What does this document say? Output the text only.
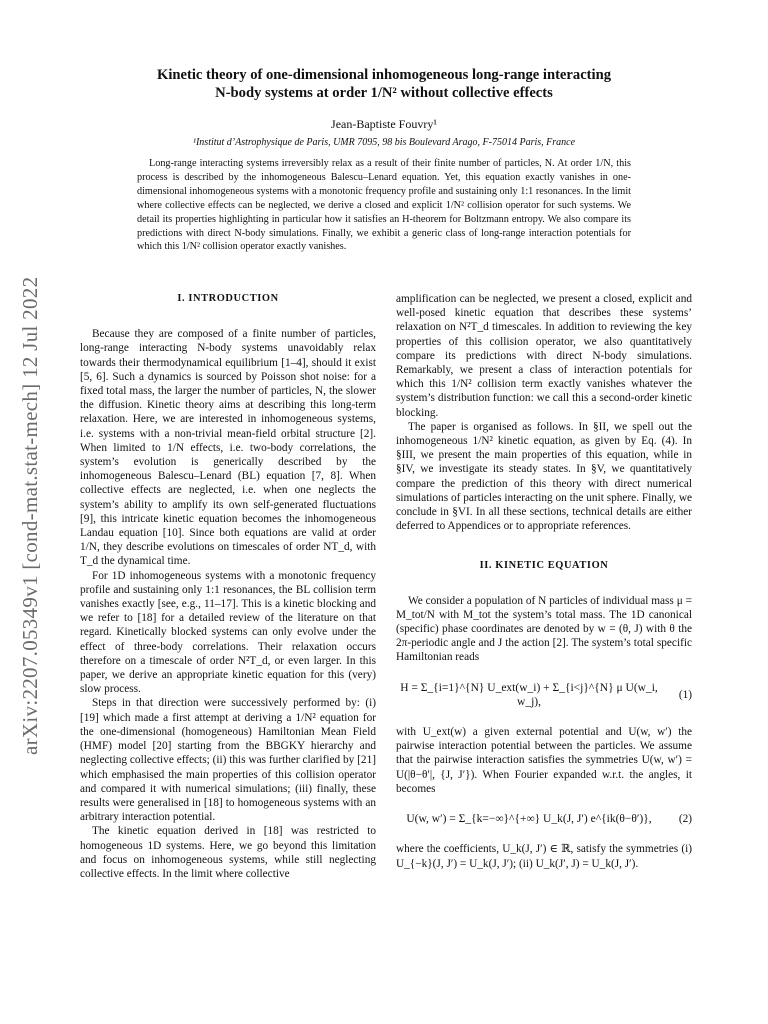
arXiv:2207.05349v1 [cond-mat.stat-mech] 12 Jul 2022
Kinetic theory of one-dimensional inhomogeneous long-range interacting
N-body systems at order 1/N² without collective effects
Jean-Baptiste Fouvry¹
¹Institut d’Astrophysique de Paris, UMR 7095, 98 bis Boulevard Arago, F-75014 Paris, France

Long-range interacting systems irreversibly relax as a result of their finite number of particles, N. At order 1/N, this process is described by the inhomogeneous Balescu–Lenard equation. Yet, this equation exactly vanishes in one-dimensional inhomogeneous systems with a monotonic frequency profile and sustaining only 1:1 resonances. In the limit where collective effects can be neglected, we derive a closed and explicit 1/N² collision operator for such systems. We detail its properties highlighting in particular how it satisfies an H-theorem for Boltzmann entropy. We also compare its predictions with direct N-body simulations. Finally, we exhibit a generic class of long-range interaction potentials for which this 1/N² collision operator exactly vanishes.

I. INTRODUCTION

Because they are composed of a finite number of particles, long-range interacting N-body systems unavoidably relax towards their thermodynamical equilibrium [1–4], should it exist [5, 6]. Such a dynamics is sourced by Poisson shot noise: for a fixed total mass, the larger the number of particles, N, the slower the diffusion. Kinetic theory aims at describing this long-term relaxation. Here, we are interested in inhomogeneous systems, i.e. systems with a non-trivial mean-field orbital structure [2]. When limited to 1/N effects, i.e. two-body correlations, the system’s evolution is generically described by the inhomogeneous Balescu–Lenard (BL) equation [7, 8]. When collective effects are neglected, i.e. when one neglects the system’s ability to amplify its own self-generated fluctuations [9], this intricate kinetic equation becomes the inhomogeneous Landau equation [10]. Since both equations are valid at order 1/N, they describe evolutions on timescales of order NT_d, with T_d the dynamical time.

For 1D inhomogeneous systems with a monotonic frequency profile and sustaining only 1:1 resonances, the BL collision term vanishes exactly [see, e.g., 11–17]. This is a kinetic blocking and we refer to [18] for a detailed review of the literature on that regard. Kinetically blocked systems can only evolve under the effect of three-body correlations. Their relaxation occurs therefore on a timescale of order N²T_d, or even larger. In this paper, we derive an appropriate kinetic equation for this (very) slow process.

Steps in that direction were successively performed by: (i) [19] which made a first attempt at deriving a 1/N² equation for the one-dimensional (homogeneous) Hamiltonian Mean Field (HMF) model [20] starting from the BBGKY hierarchy and neglecting collective effects; (ii) this was further clarified by [21] which emphasised the main properties of this collision operator and compared it with numerical simulations; (iii) finally, these results were generalised in [18] to homogeneous systems with an arbitrary interaction potential.

The kinetic equation derived in [18] was restricted to homogeneous 1D systems. Here, we go beyond this limitation and focus on inhomogeneous systems, while still neglecting collective effects. In the limit where collective

amplification can be neglected, we present a closed, explicit and well-posed kinetic equation that describes these systems’ relaxation on N²T_d timescales. In addition to reviewing the key properties of this collision operator, we also quantitatively compare its predictions with direct N-body simulations. Remarkably, we present a class of interaction potentials for which this 1/N² collision term exactly vanishes whatever the system’s distribution function: we call this a second-order kinetic blocking.

The paper is organised as follows. In §II, we spell out the inhomogeneous 1/N² kinetic equation, as given by Eq. (4). In §III, we present the main properties of this equation, while in §IV, we investigate its steady states. In §V, we quantitatively compare the prediction of this theory with direct numerical simulations of particles interacting on the unit sphere. Finally, we conclude in §VI. In all these sections, technical details are either deferred to Appendices or to appropriate references.

II. KINETIC EQUATION

We consider a population of N particles of individual mass μ = M_tot/N with M_tot the system’s total mass. The 1D canonical (specific) phase coordinates are denoted by w = (θ, J) with θ the 2π-periodic angle and J the action [2]. The system’s total specific Hamiltonian reads

H = Σ_{i=1}^{N} U_ext(w_i) + Σ_{i<j}^{N} μ U(w_i, w_j),
(1)

with U_ext(w) a given external potential and U(w, w′) the pairwise interaction potential between the particles. We assume that the pairwise interaction satisfies the symmetries U(w, w′) = U(|θ−θ′|, {J, J′}). When Fourier expanded w.r.t. the angles, it becomes

U(w, w′) = Σ_{k=−∞}^{+∞} U_k(J, J′) e^{ik(θ−θ′)},	(2)

where the coefficients, U_k(J, J′) ∈ ℝ, satisfy the symmetries (i) U_{−k}(J, J′) = U_k(J, J′); (ii) U_k(J′, J) = U_k(J, J′).
